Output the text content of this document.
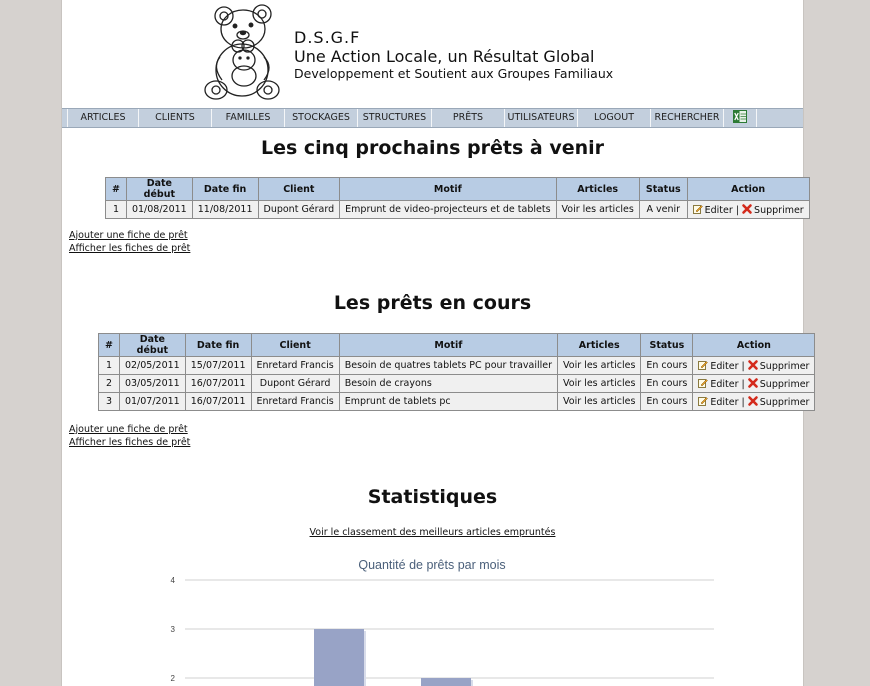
D.S.G.F
Une Action Locale, un Résultat Global
Developpement et Soutient aux Groupes Familiaux
ARTICLES	CLIENTS	FAMILLES	STOCKAGES	STRUCTURES	PRÊTS	UTILISATEURS	LOGOUT	RECHERCHER
Les cinq prochains prêts à venir
#	Date début	Date fin	Client	Motif	Articles	Status	Action
1	01/08/2011	11/08/2011	Dupont Gérard	Emprunt de video-projecteurs et de tablets	Voir les articles	A venir	Editer | Supprimer
Ajouter une fiche de prêt
Afficher les fiches de prêt
Les prêts en cours
#	Date début	Date fin	Client	Motif	Articles	Status	Action
1	02/05/2011	15/07/2011	Enretard Francis	Besoin de quatres tablets PC pour travailler	Voir les articles	En cours	Editer | Supprimer
2	03/05/2011	16/07/2011	Dupont Gérard	Besoin de crayons	Voir les articles	En cours	Editer | Supprimer
3	01/07/2011	16/07/2011	Enretard Francis	Emprunt de tablets pc	Voir les articles	En cours	Editer | Supprimer
Ajouter une fiche de prêt
Afficher les fiches de prêt
Statistiques
Voir le classement des meilleurs articles empruntés
Quantité de prêts par mois
4
3
2
